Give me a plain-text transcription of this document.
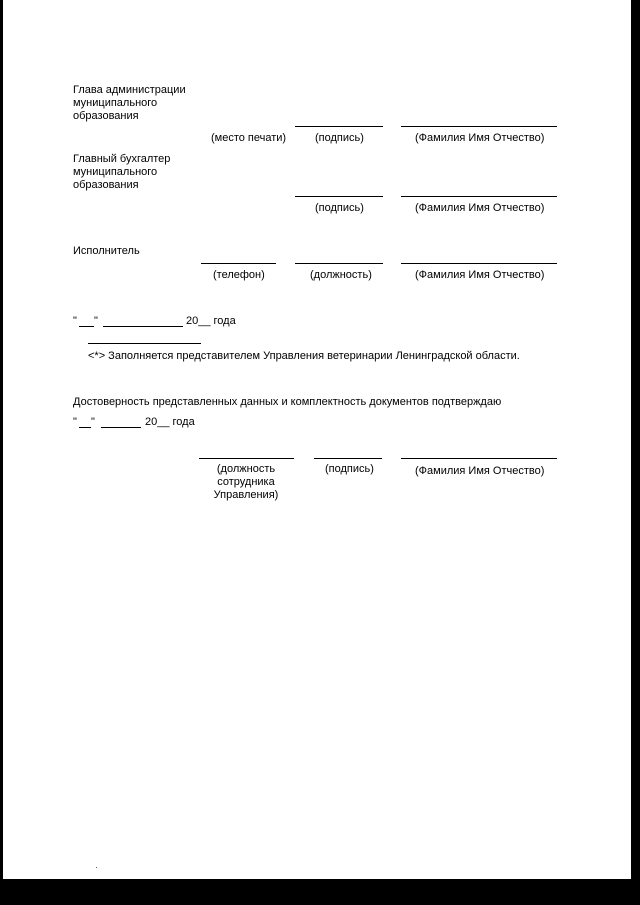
Глава администрации
муниципального
образования
(место печати)	(подпись)	(Фамилия Имя Отчество)
Главный бухгалтер
муниципального
образования
(подпись)	(Фамилия Имя Отчество)
Исполнитель
(телефон)	(должность)	(Фамилия Имя Отчество)
" "	20__ года
<*> Заполняется представителем Управления ветеринарии Ленинградской области.
Достоверность представленных данных и комплектность документов подтверждаю
" "	20__ года
(должность
сотрудника
Управления)
(подпись)	(Фамилия Имя Отчество)
